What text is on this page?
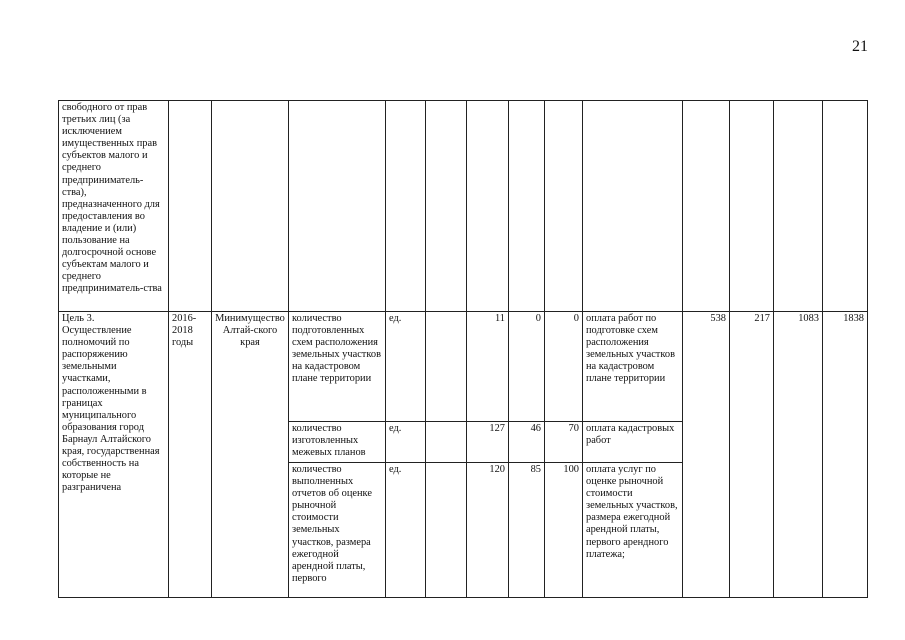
21
свободного от прав третьих лиц (за исключением имущественных прав субъектов малого и среднего предприниматель-ства), предназначенного для предоставления во владение и (или) пользование на долгосрочной основе субъектам малого и среднего предприниматель-ства													
Цель 3. Осуществление полномочий по распоряжению земельными участками, расположенными в границах муниципального образования город Барнаул Алтайского края, государственная собственность на которые не разграничена	2016-2018 годы	Минимущество Алтай-ского края	количество подготовленных схем расположения земельных участков на кадастровом плане территории	ед.		11	0	0	оплата работ по подготовке схем расположения земельных участков на кадастровом плане территории	538	217	1083	1838
			количество изготовленных межевых планов	ед.		127	46	70	оплата кадастровых работ				
			количество выполненных отчетов об оценке рыночной стоимости земельных участков, размера ежегодной арендной платы, первого	ед.		120	85	100	оплата услуг по оценке рыночной стоимости земельных участков, размера ежегодной арендной платы, первого арендного платежа;				
